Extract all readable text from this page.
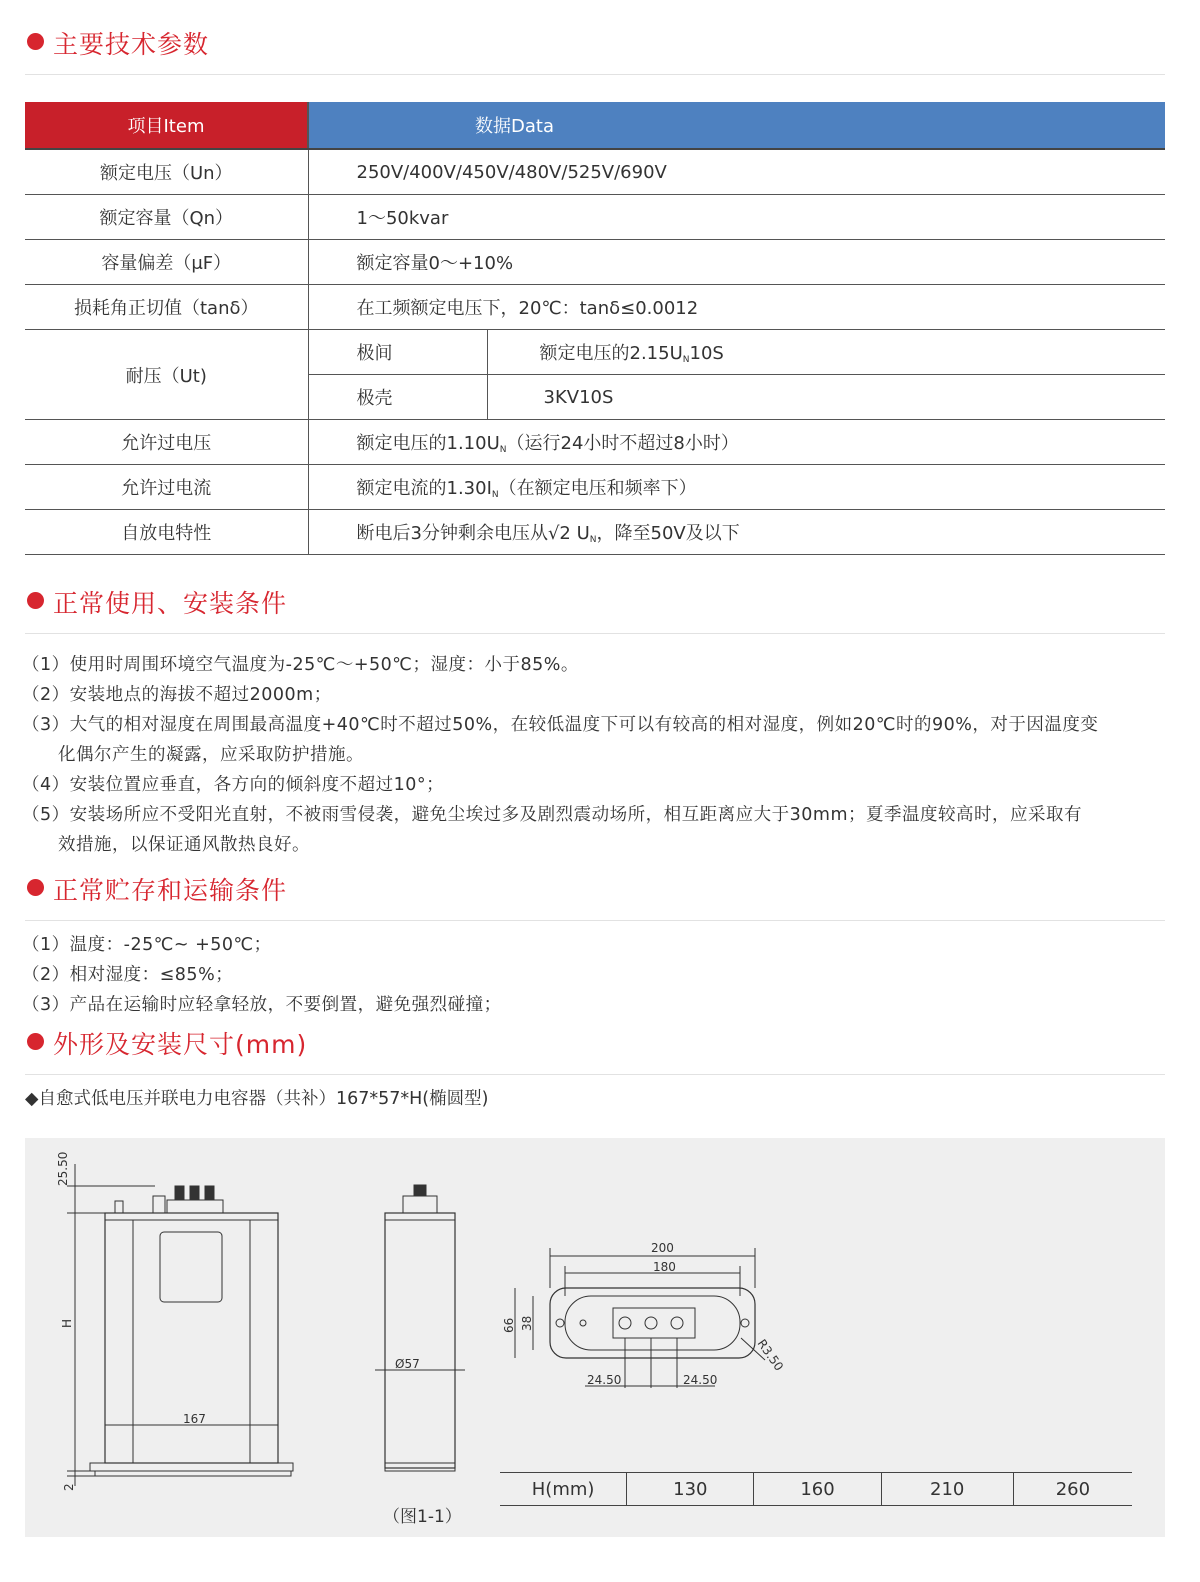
主要技术参数
项目Item	数据Data	
额定电压（Un）	250V/400V/450V/480V/525V/690V	
额定容量（Qn）	1～50kvar	
容量偏差（μF）	额定容量0～+10%	
损耗角正切值（tanδ）	在工频额定电压下，20℃：tanδ≤0.0012	
耐压（Ut)	极间	额定电压的$2.15U_N10S$
	极壳	3KV10S
允许过电压	额定电压的$1.10U_N$（运行24小时不超过8小时）	
允许过电流	额定电流的$1.30I_N$（在额定电压和频率下）	
自放电特性	断电后3分钟剩余电压从√2 $U_N$，降至50V及以下	
正常使用、安装条件

（1）使用时周围环境空气温度为-25℃～+50℃；湿度：小于85%。

（2）安装地点的海拔不超过2000m；

（3）大气的相对湿度在周围最高温度+40℃时不超过50%，在较低温度下可以有较高的相对湿度，例如20℃时的90%，对于因温度变

化偶尔产生的凝露，应采取防护措施。

（4）安装位置应垂直，各方向的倾斜度不超过10°；

（5）安装场所应不受阳光直射，不被雨雪侵袭，避免尘埃过多及剧烈震动场所，相互距离应大于30mm；夏季温度较高时，应采取有

效措施，以保证通风散热良好。

正常贮存和运输条件

（1）温度：-25℃~ +50℃；

（2）相对湿度：≤85%；

（3）产品在运输时应轻拿轻放，不要倒置，避免强烈碰撞；

外形及安装尺寸(mm)
◆自愈式低电压并联电力电容器（共补）167*57*H(椭圆型)
25.50
H
167
2
Ø57
200
180
66 38
R3.50
24.50	24.50
H(mm)	130	160	210	260
（图1-1）
